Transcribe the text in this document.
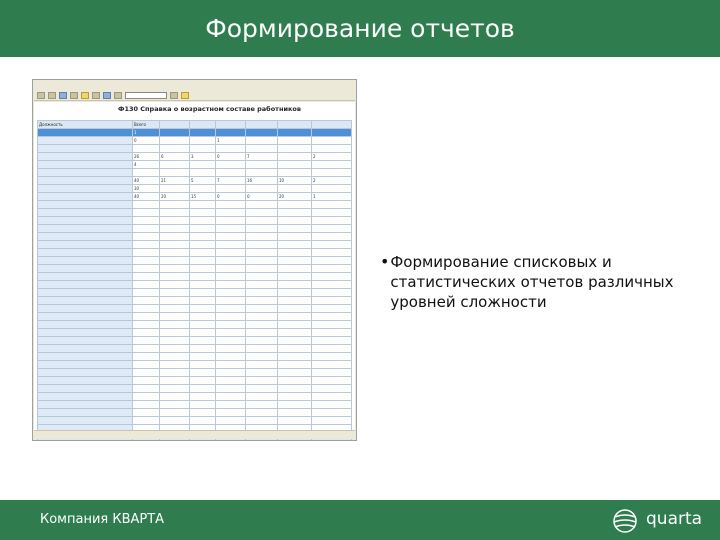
Формирование отчетов

Ф130 Справка о возрастном составе работников
Должность	Всего						
	1						
	0			1			

	26	6	3	0	7		2
	4						

	40	21	5	7	16	10	2
	30						
	40	20	15	0	0	20	1

• Формирование списковых и статистических отчетов различных уровней сложности
Компания КВАРТА	quarta
